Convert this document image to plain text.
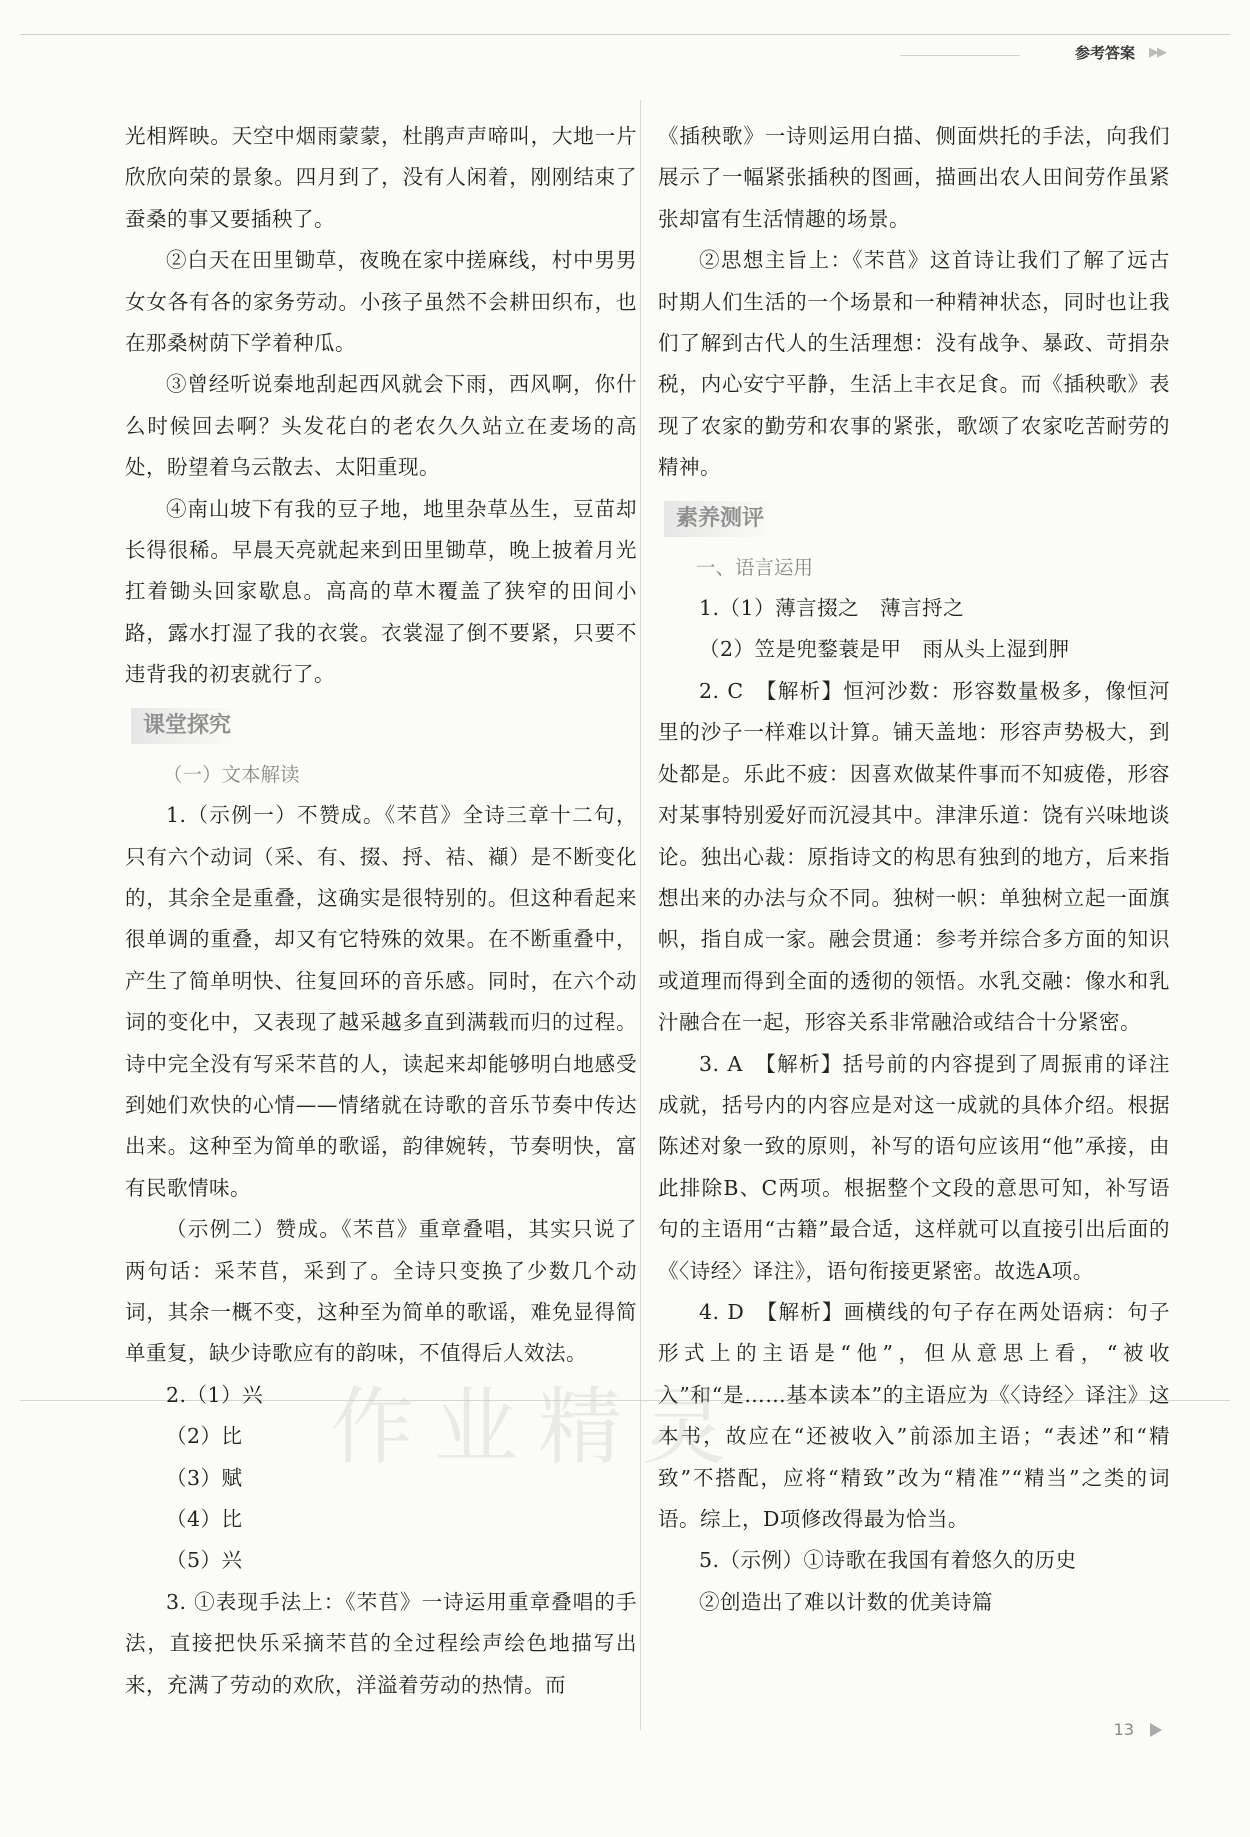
参考答案 ▶▶

光相辉映。天空中烟雨蒙蒙，杜鹃声声啼叫，大地一片欣欣向荣的景象。四月到了，没有人闲着，刚刚结束了蚕桑的事又要插秧了。

②白天在田里锄草，夜晚在家中搓麻线，村中男男女女各有各的家务劳动。小孩子虽然不会耕田织布，也在那桑树荫下学着种瓜。

③曾经听说秦地刮起西风就会下雨，西风啊，你什么时候回去啊？头发花白的老农久久站立在麦场的高处，盼望着乌云散去、太阳重现。

④南山坡下有我的豆子地，地里杂草丛生，豆苗却长得很稀。早晨天亮就起来到田里锄草，晚上披着月光扛着锄头回家歇息。高高的草木覆盖了狭窄的田间小路，露水打湿了我的衣裳。衣裳湿了倒不要紧，只要不违背我的初衷就行了。

课堂探究

（一）文本解读

1.（示例一）不赞成。《芣苢》全诗三章十二句，只有六个动词（采、有、掇、捋、袺、襭）是不断变化的，其余全是重叠，这确实是很特别的。但这种看起来很单调的重叠，却又有它特殊的效果。在不断重叠中，产生了简单明快、往复回环的音乐感。同时，在六个动词的变化中，又表现了越采越多直到满载而归的过程。诗中完全没有写采芣苢的人，读起来却能够明白地感受到她们欢快的心情——情绪就在诗歌的音乐节奏中传达出来。这种至为简单的歌谣，韵律婉转，节奏明快，富有民歌情味。

（示例二）赞成。《芣苢》重章叠唱，其实只说了两句话：采芣苢，采到了。全诗只变换了少数几个动词，其余一概不变，这种至为简单的歌谣，难免显得简单重复，缺少诗歌应有的韵味，不值得后人效法。

2.（1）兴

（2）比

（3）赋

（4）比

（5）兴

3. ①表现手法上：《芣苢》一诗运用重章叠唱的手法，直接把快乐采摘芣苢的全过程绘声绘色地描写出来，充满了劳动的欢欣，洋溢着劳动的热情。而

《插秧歌》一诗则运用白描、侧面烘托的手法，向我们展示了一幅紧张插秧的图画，描画出农人田间劳作虽紧张却富有生活情趣的场景。

②思想主旨上：《芣苢》这首诗让我们了解了远古时期人们生活的一个场景和一种精神状态，同时也让我们了解到古代人的生活理想：没有战争、暴政、苛捐杂税，内心安宁平静，生活上丰衣足食。而《插秧歌》表现了农家的勤劳和农事的紧张，歌颂了农家吃苦耐劳的精神。

素养测评

一、语言运用

1.（1）薄言掇之　薄言捋之

（2）笠是兜鍪蓑是甲　雨从头上湿到胛

2. C　【解析】恒河沙数：形容数量极多，像恒河里的沙子一样难以计算。铺天盖地：形容声势极大，到处都是。乐此不疲：因喜欢做某件事而不知疲倦，形容对某事特别爱好而沉浸其中。津津乐道：饶有兴味地谈论。独出心裁：原指诗文的构思有独到的地方，后来指想出来的办法与众不同。独树一帜：单独树立起一面旗帜，指自成一家。融会贯通：参考并综合多方面的知识或道理而得到全面的透彻的领悟。水乳交融：像水和乳汁融合在一起，形容关系非常融洽或结合十分紧密。

3. A　【解析】括号前的内容提到了周振甫的译注成就，括号内的内容应是对这一成就的具体介绍。根据陈述对象一致的原则，补写的语句应该用“他”承接，由此排除B、C两项。根据整个文段的意思可知，补写语句的主语用“古籍”最合适，这样就可以直接引出后面的《〈诗经〉译注》，语句衔接更紧密。故选A项。

4. D　【解析】画横线的句子存在两处语病：句子形式上的主语是“他”，但从意思上看，“被收入”和“是……基本读本”的主语应为《〈诗经〉译注》这本书，故应在“还被收入”前添加主语；“表述”和“精致”不搭配，应将“精致”改为“精准”“精当”之类的词语。综上，D项修改得最为恰当。

5.（示例）①诗歌在我国有着悠久的历史

②创造出了难以计数的优美诗篇

作业精灵
13
